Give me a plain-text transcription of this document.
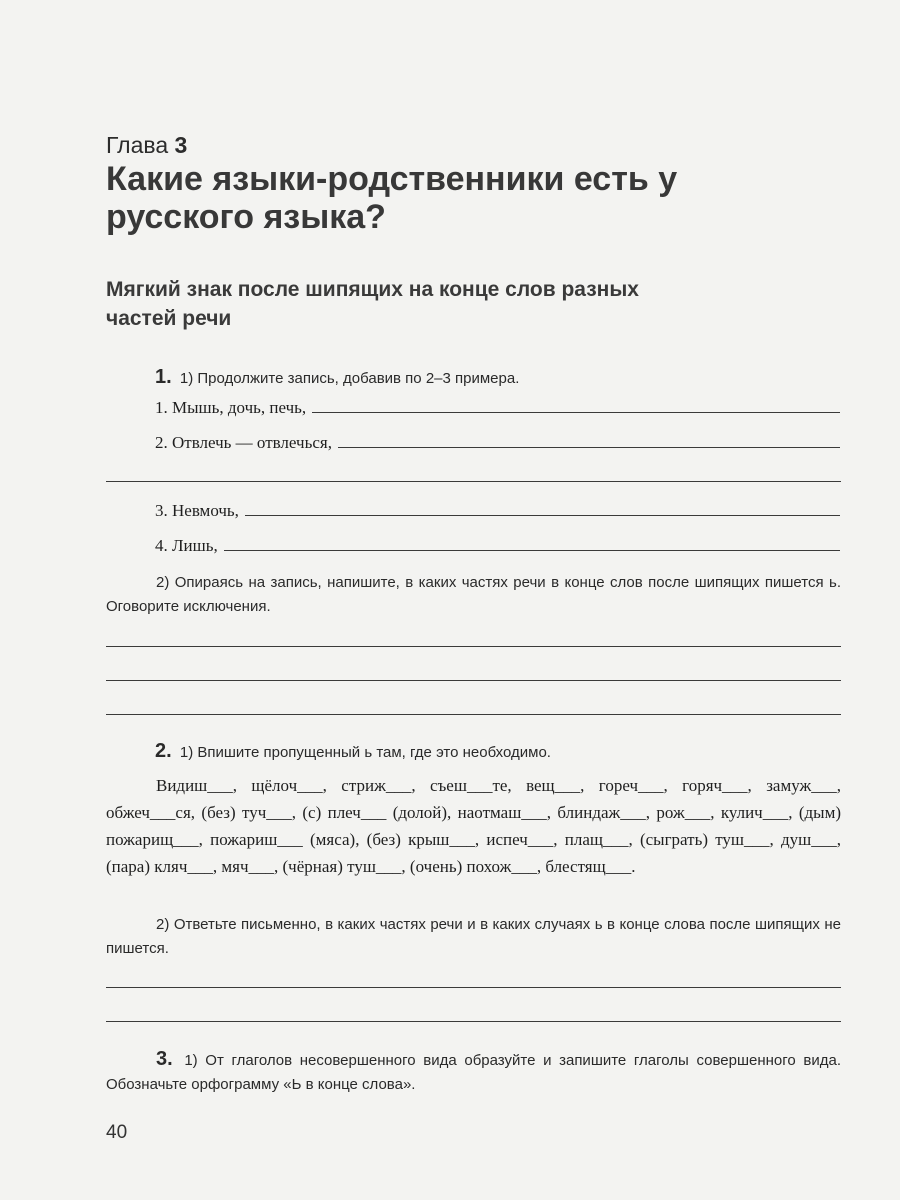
Глава 3
Какие языки-родственники есть у русского языка?
Мягкий знак после шипящих на конце слов разных частей речи
1. 1) Продолжите запись, добавив по 2–3 примера.
1. Мышь, дочь, печь,
2. Отвлечь — отвлечься,
3. Невмочь,
4. Лишь,
2) Опираясь на запись, напишите, в каких частях речи в конце слов после шипящих пишется ь. Оговорите исключения.
2. 1) Впишите пропущенный ь там, где это необходимо.
Видиш___, щёлоч___, стриж___, съеш___те, вещ___, гореч___, горяч___, замуж___, обжеч___ся, (без) туч___, (с) плеч___ (долой), наотмаш___, блиндаж___, рож___, кулич___, (дым) пожарищ___, пожариш___ (мяса), (без) крыш___, испеч___, плащ___, (сыграть) туш___, душ___, (пара) кляч___, мяч___, (чёрная) туш___, (очень) похож___, блестящ___.
2) Ответьте письменно, в каких частях речи и в каких случаях ь в конце слова после шипящих не пишется.
3. 1) От глаголов несовершенного вида образуйте и запишите глаголы совершенного вида. Обозначьте орфограмму «Ь в конце слова».
40
